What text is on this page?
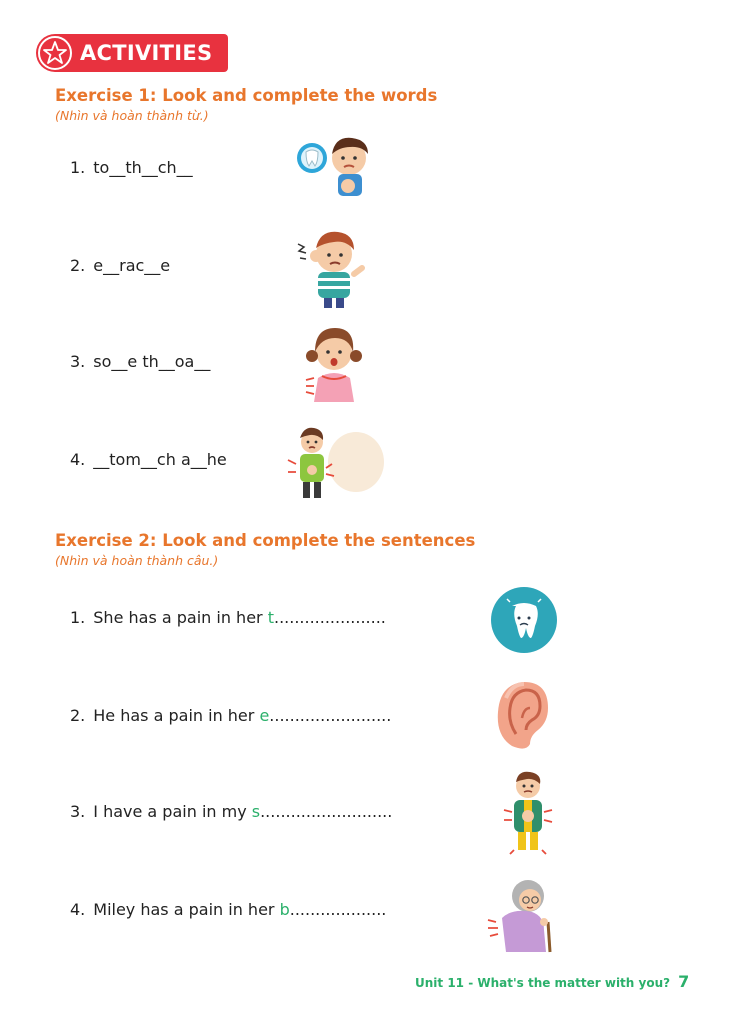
ACTIVITIES
Exercise 1: Look and complete the words
(Nhìn và hoàn thành từ.)
1. to__th__ch__
2. e__rac__e
3. so__e th__oa__
4. __tom__ch a__he
Exercise 2: Look and complete the sentences
(Nhìn và hoàn thành câu.)
1. She has a pain in her t......................
2. He has a pain in her e........................
3. I have a pain in my s..........................
4. Miley has a pain in her b...................
Unit 11 - What's the matter with you? 7
